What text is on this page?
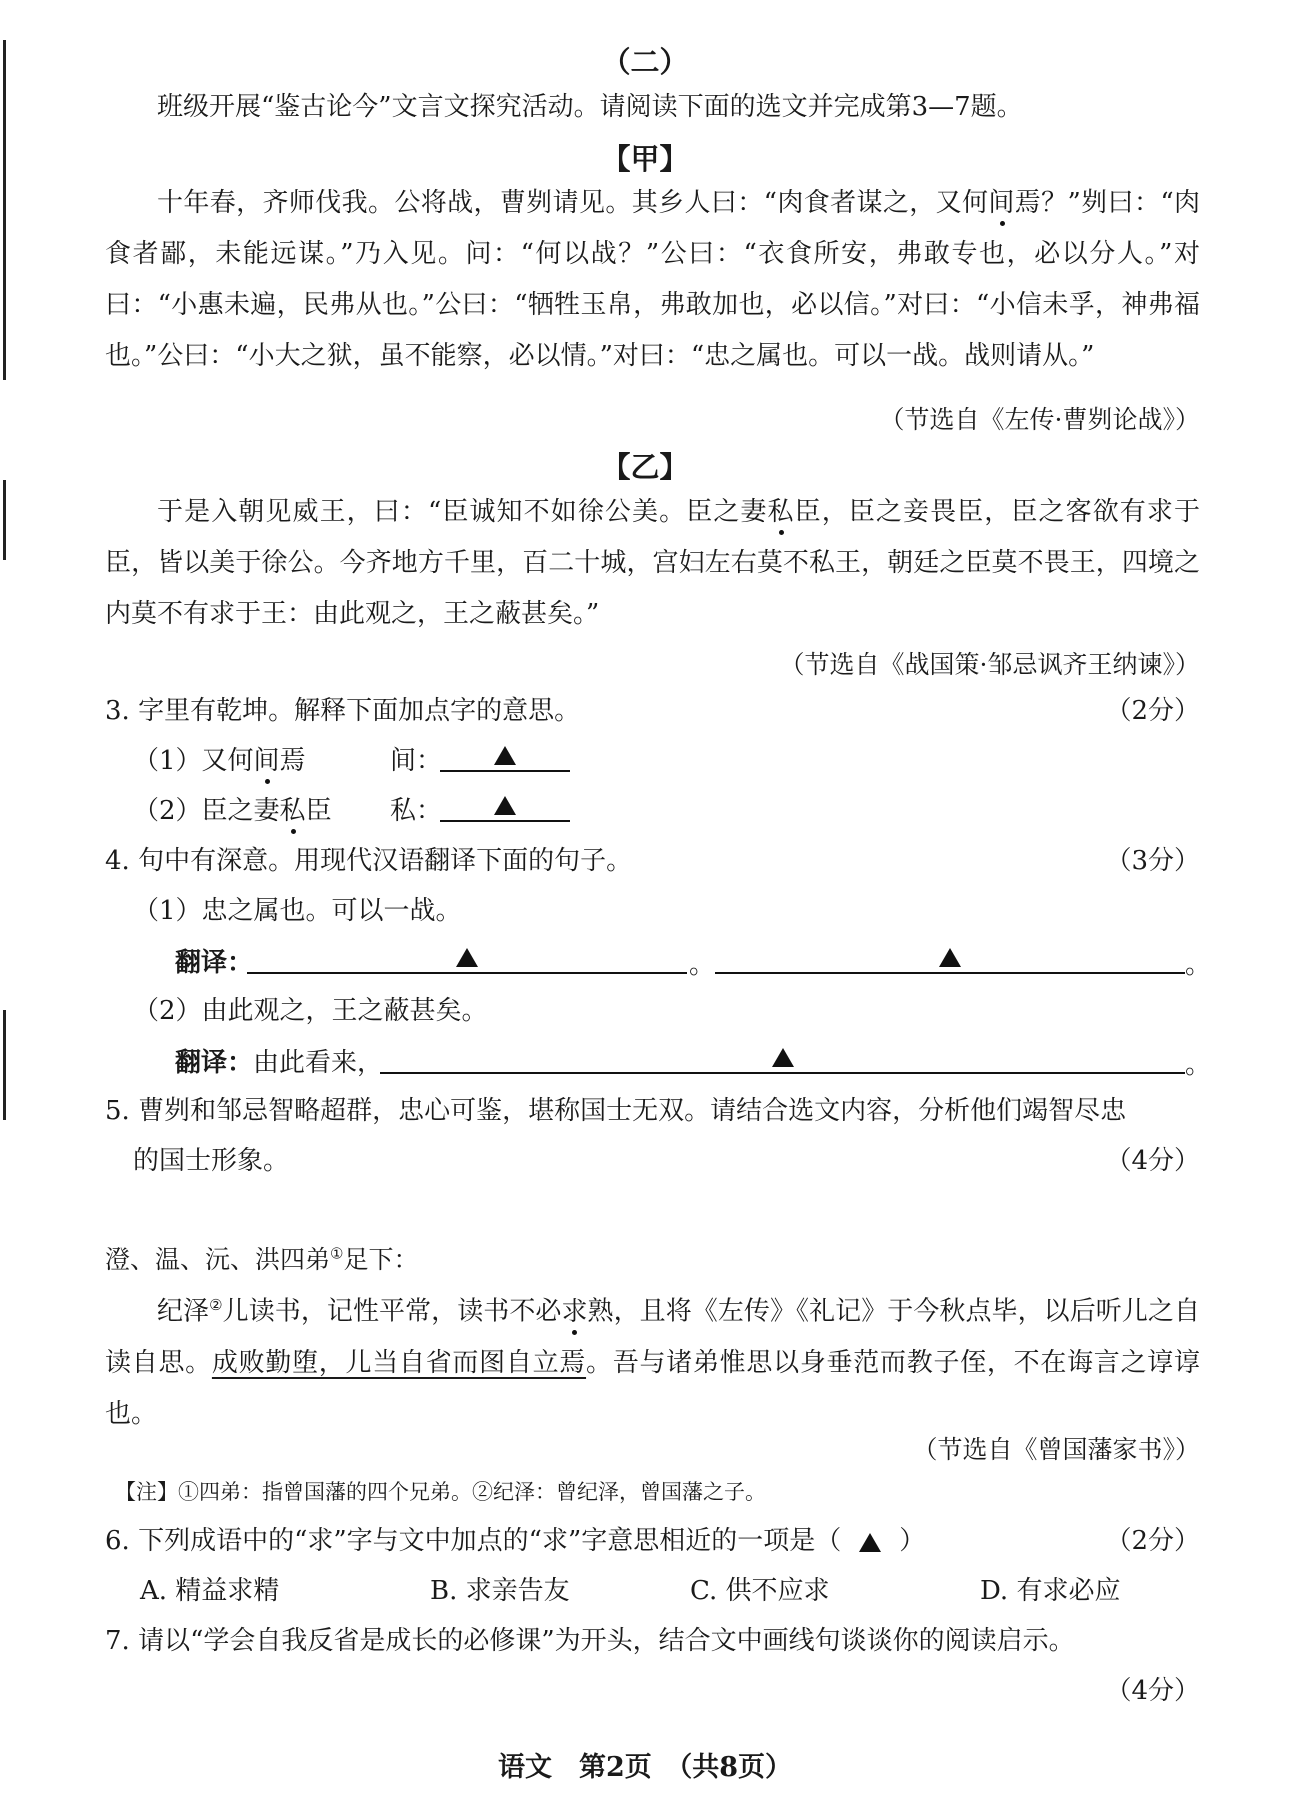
（二）
班级开展“鉴古论今”文言文探究活动。请阅读下面的选文并完成第3—7题。
【甲】
十年春，齐师伐我。公将战，曹刿请见。其乡人曰：“肉食者谋之，又何间焉？”刿曰：“肉食者鄙，未能远谋。”乃入见。问：“何以战？”公曰：“衣食所安，弗敢专也，必以分人。”对曰：“小惠未遍，民弗从也。”公曰：“牺牲玉帛，弗敢加也，必以信。”对曰：“小信未孚，神弗福也。”公曰：“小大之狱，虽不能察，必以情。”对曰：“忠之属也。可以一战。战则请从。”
（节选自《左传·曹刿论战》）
【乙】
于是入朝见威王，曰：“臣诚知不如徐公美。臣之妻私臣，臣之妾畏臣，臣之客欲有求于臣，皆以美于徐公。今齐地方千里，百二十城，宫妇左右莫不私王，朝廷之臣莫不畏王，四境之内莫不有求于王：由此观之，王之蔽甚矣。”
（节选自《战国策·邹忌讽齐王纳谏》）
3. 字里有乾坤。解释下面加点字的意思。	（2分）
（1）又何间焉	间：
（2）臣之妻私臣 私：
4. 句中有深意。用现代汉语翻译下面的句子。	（3分）
（1）忠之属也。可以一战。
翻译：	。	。
（2）由此观之，王之蔽甚矣。
翻译：由此看来，	。
5. 曹刿和邹忌智略超群，忠心可鉴，堪称国士无双。请结合选文内容，分析他们竭智尽忠
的国士形象。	（4分）
澄、温、沅、洪四弟①足下：
纪泽②儿读书，记性平常，读书不必求熟，且将《左传》《礼记》于今秋点毕，以后听儿之自读自思。成败勤堕，儿当自省而图自立焉。吾与诸弟惟思以身垂范而教子侄，不在诲言之谆谆也。
（节选自《曾国藩家书》）
【注】①四弟：指曾国藩的四个兄弟。②纪泽：曾纪泽，曾国藩之子。
6. 下列成语中的“求”字与文中加点的“求”字意思相近的一项是（ ）	（2分）
A. 精益求精	B. 求亲告友	C. 供不应求	D. 有求必应
7. 请以“学会自我反省是成长的必修课”为开头，结合文中画线句谈谈你的阅读启示。
（4分）
语文　第2页　（共8页）
